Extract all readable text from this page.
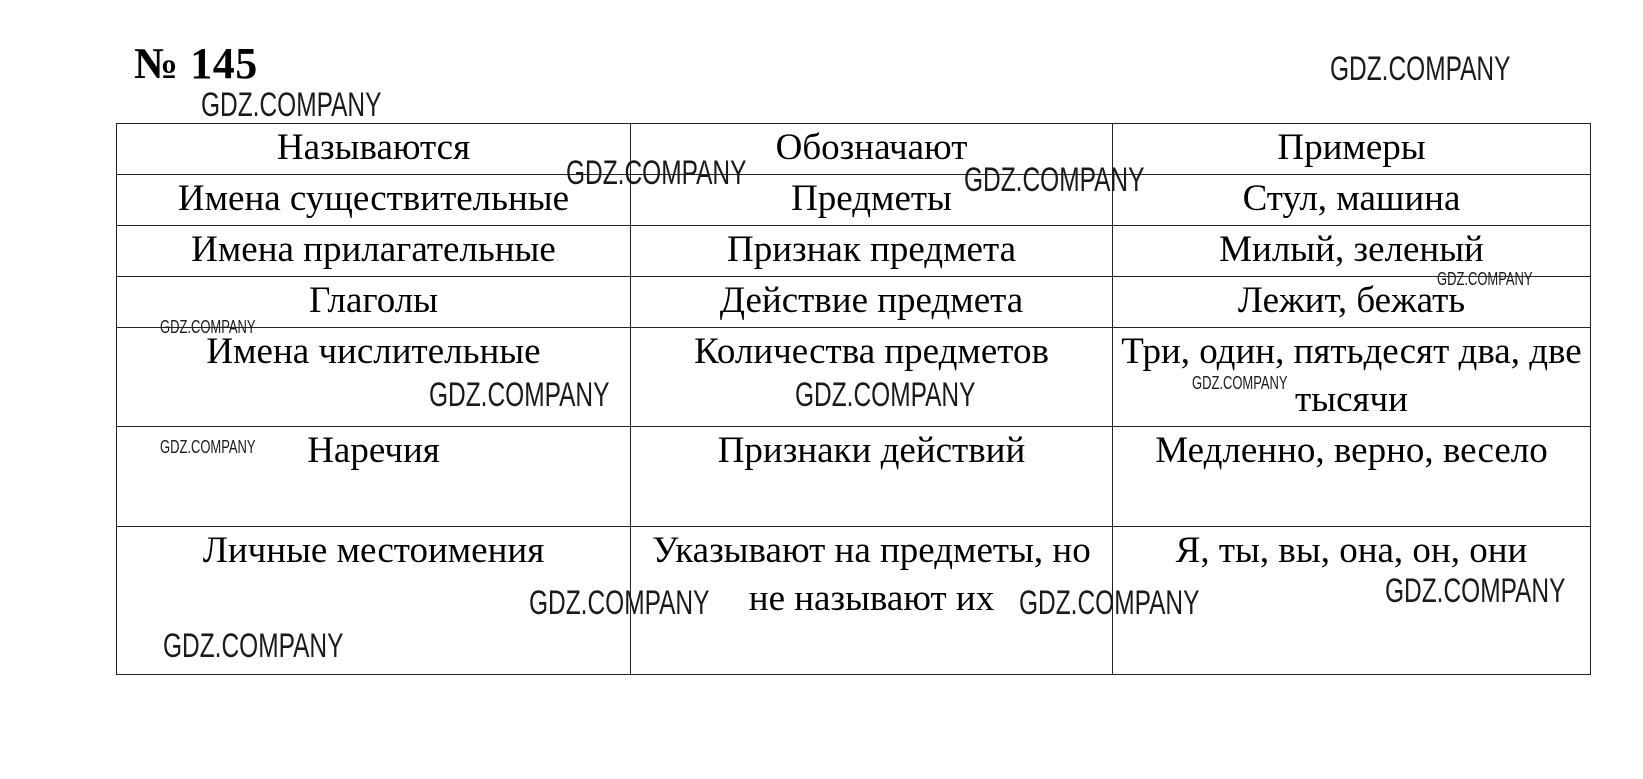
№ 145
Называются	Обозначают	Примеры
Имена существительные	Предметы	Стул, машина
Имена прилагательные	Признак предмета	Милый, зеленый
Глаголы	Действие предмета	Лежит, бежать
Имена числительные	Количества предметов	Три, один, пятьдесят два, две тысячи
Наречия	Признаки действий	Медленно, верно, весело
Личные местоимения	Указывают на предметы, но не называют их	Я, ты, вы, она, он, они
GDZ.COMPANY
GDZ.COMPANY
GDZ.COMPANY	GDZ.COMPANY
GDZ.COMPANY
GDZ.COMPANY
GDZ.COMPANY	GDZ.COMPANY	GDZ.COMPANY
GDZ.COMPANY
GDZ.COMPANY	GDZ.COMPANY	GDZ.COMPANY
GDZ.COMPANY
